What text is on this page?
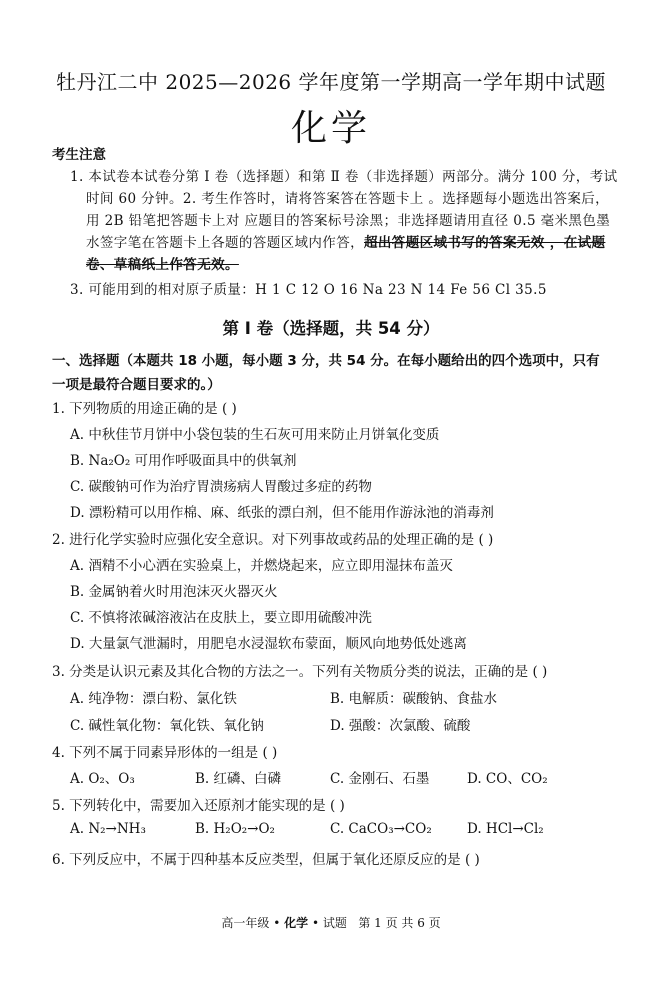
牡丹江二中 2025—2026 学年度第一学期高一学年期中试题
化学
考生注意
1. 本试卷本试卷分第 Ⅰ 卷（选择题）和第 Ⅱ 卷（非选择题）两部分。满分 100 分，考试
时间 60 分钟。2. 考生作答时，请将答案答在答题卡上 。选择题每小题选出答案后，
用 2B 铅笔把答题卡上对 应题目的答案标号涂黑；非选择题请用直径 0.5 毫米黑色墨
水签字笔在答题卡上各题的答题区域内作答，超出答题区域书写的答案无效 ，在试题
卷、草稿纸上作答无效。
3. 可能用到的相对原子质量：H 1 C 12 O 16 Na 23 N 14 Fe 56 Cl 35.5
第 Ⅰ 卷（选择题，共 54 分）
一、选择题（本题共 18 小题，每小题 3 分，共 54 分。在每小题给出的四个选项中，只有
一项是最符合题目要求的。）
1. 下列物质的用途正确的是 ( )
A. 中秋佳节月饼中小袋包装的生石灰可用来防止月饼氧化变质
B. Na₂O₂ 可用作呼吸面具中的供氧剂
C. 碳酸钠可作为治疗胃溃疡病人胃酸过多症的药物
D. 漂粉精可以用作棉、麻、纸张的漂白剂，但不能用作游泳池的消毒剂
2. 进行化学实验时应强化安全意识。对下列事故或药品的处理正确的是 ( )
A. 酒精不小心洒在实验桌上，并燃烧起来，应立即用湿抹布盖灭
B. 金属钠着火时用泡沫灭火器灭火
C. 不慎将浓碱溶液沾在皮肤上，要立即用硫酸冲洗
D. 大量氯气泄漏时，用肥皂水浸湿软布蒙面，顺风向地势低处逃离
3. 分类是认识元素及其化合物的方法之一。下列有关物质分类的说法，正确的是 ( )
A. 纯净物：漂白粉、氯化铁	B. 电解质：碳酸钠、食盐水
C. 碱性氧化物：氧化铁、氧化钠	D. 强酸：次氯酸、硫酸
4. 下列不属于同素异形体的一组是 ( )
A. O₂、O₃	B. 红磷、白磷	C. 金刚石、石墨	D. CO、CO₂
5. 下列转化中，需要加入还原剂才能实现的是 ( )
A. N₂→NH₃	B. H₂O₂→O₂	C. CaCO₃→CO₂	D. HCl→Cl₂
6. 下列反应中，不属于四种基本反应类型，但属于氧化还原反应的是 ( )
高一年级 • 化学 • 试题 第 1 页 共 6 页
